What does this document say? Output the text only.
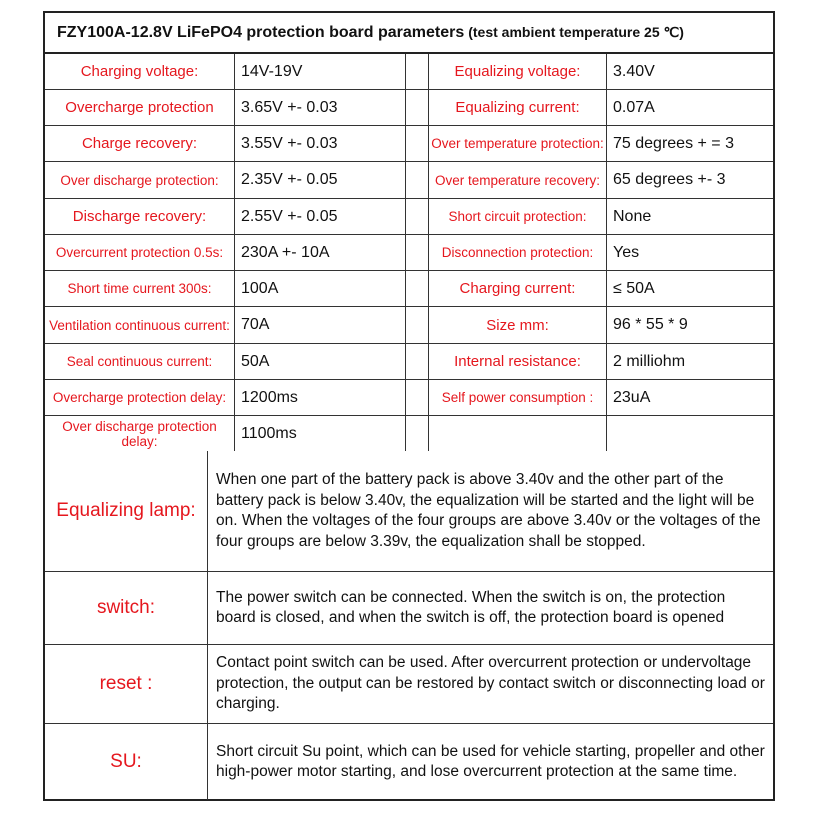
FZY100A-12.8V LiFePO4 protection board parameters (test ambient temperature 25 ℃)
Charging voltage:	14V-19V	Equalizing voltage:	3.40V
Overcharge protection	3.65V +- 0.03	Equalizing current:	0.07A
Charge recovery:	3.55V +- 0.03	Over temperature protection: 75 degrees + = 3
Over discharge protection:	2.35V +- 0.05	Over temperature recovery: 65 degrees +- 3
Discharge recovery:	2.55V +- 0.05	Short circuit protection:	None
Overcurrent protection 0.5s:	230A +- 10A	Disconnection protection:	Yes
Short time current 300s:	100A	Charging current:	≤ 50A
Ventilation continuous current: 70A	Size mm:	96 * 55 * 9
Seal continuous current:	50A	Internal resistance:	2 milliohm
Overcharge protection delay: 1200ms	Self power consumption :	23uA
Over discharge protection delay:	1100ms
Equalizing lamp:
When one part of the battery pack is above 3.40v and the other part of the battery pack is below 3.40v, the equalization will be started and the light will be on. When the voltages of the four groups are above 3.40v or the voltages of the four groups are below 3.39v, the equalization shall be stopped.
switch:	The power switch can be connected. When the switch is on, the protection board is closed, and when the switch is off, the protection board is opened
reset :
Contact point switch can be used. After overcurrent protection or undervoltage protection, the output can be restored by contact switch or disconnecting load or charging.
SU:	Short circuit Su point, which can be used for vehicle starting, propeller and other high-power motor starting, and lose overcurrent protection at the same time.
